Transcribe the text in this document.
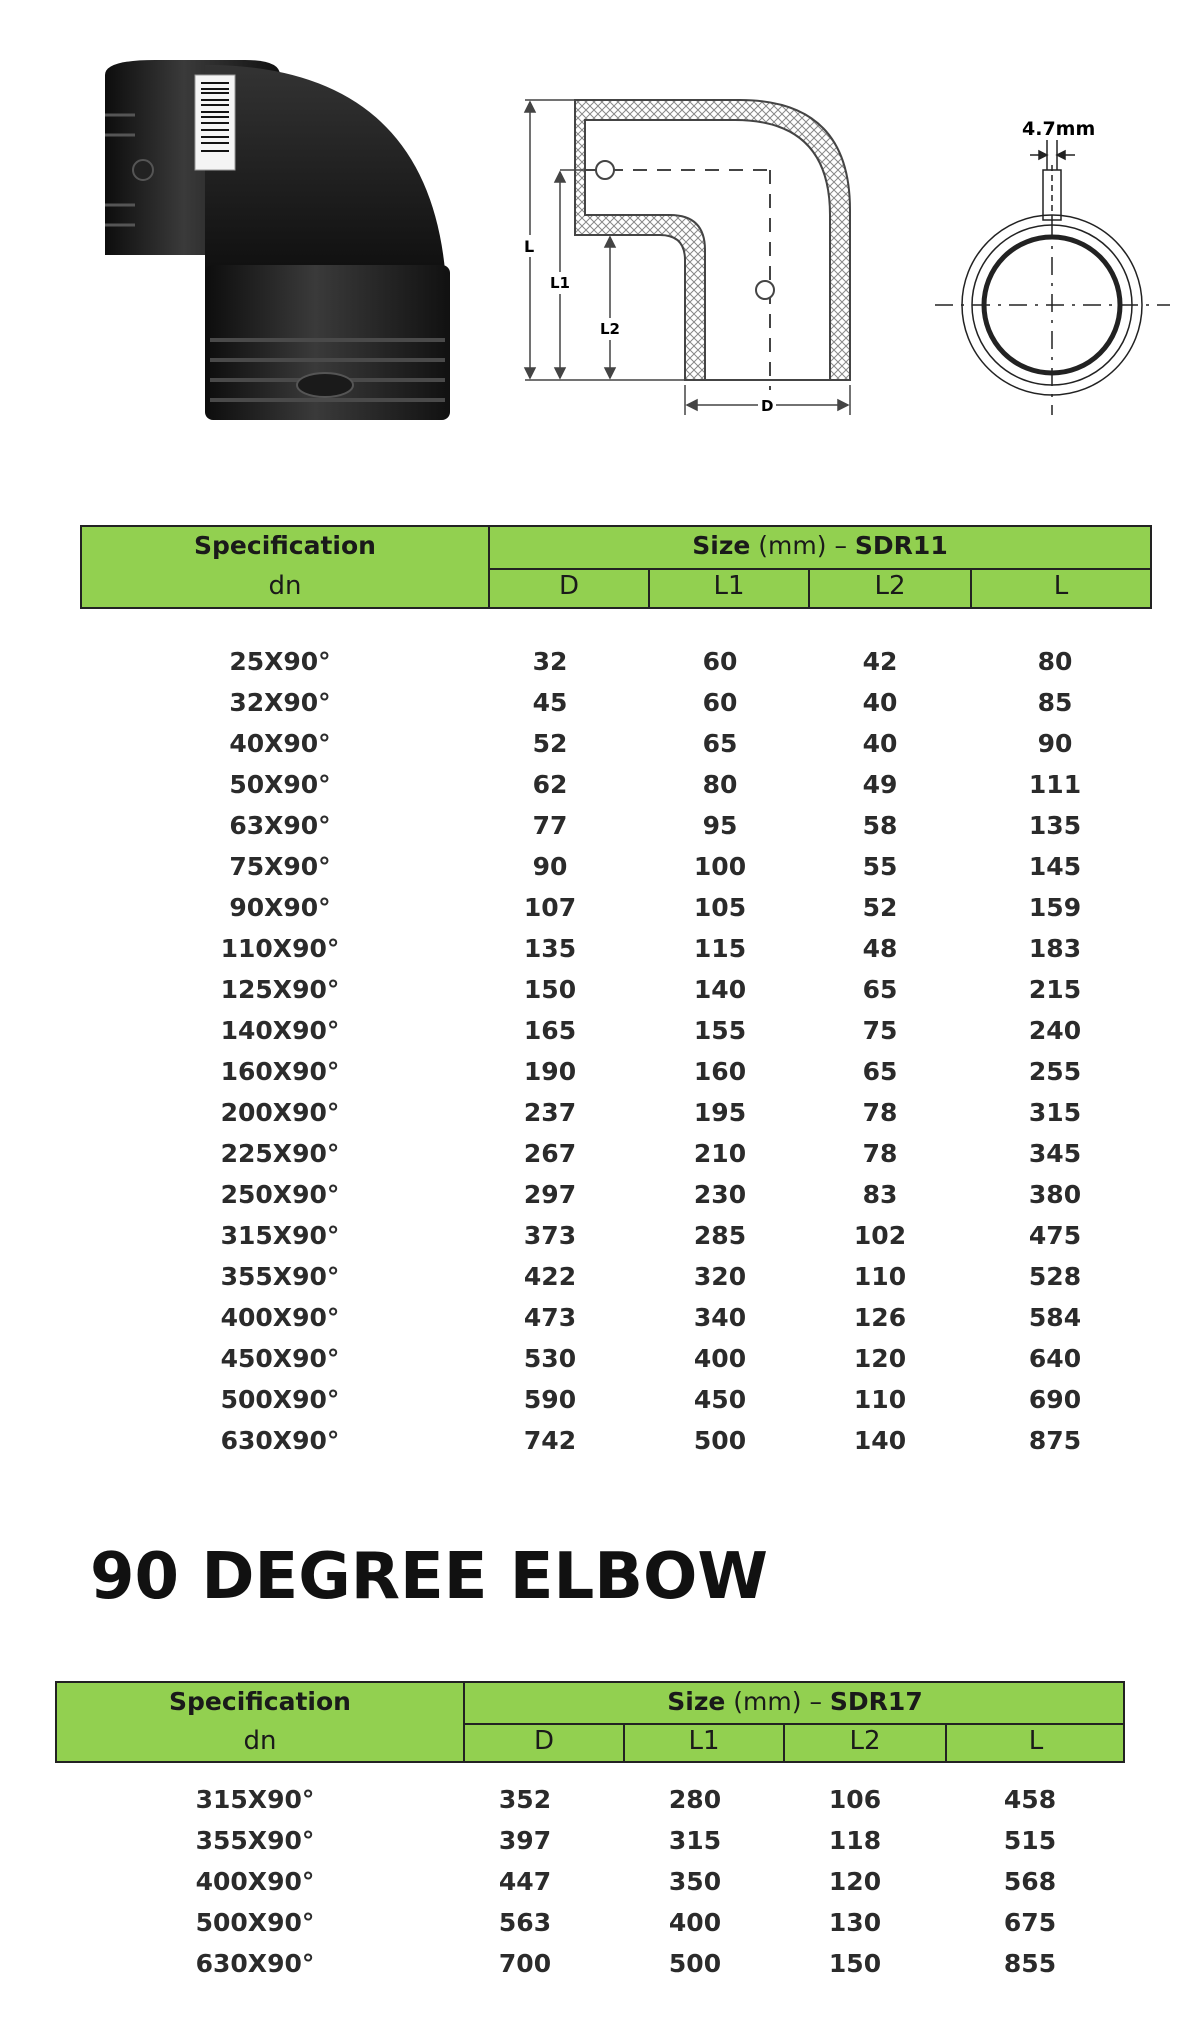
L
L1
L2
D
4.7mm
Specification
dn
Size (mm) – SDR11
D	L1	L2	L
25X90°	32	60	42	80
32X90°	45	60	40	85
40X90°	52	65	40	90
50X90°	62	80	49	111
63X90°	77	95	58	135
75X90°	90	100	55	145
90X90°	107	105	52	159
110X90°	135	115	48	183
125X90°	150	140	65	215
140X90°	165	155	75	240
160X90°	190	160	65	255
200X90°	237	195	78	315
225X90°	267	210	78	345
250X90°	297	230	83	380
315X90°	373	285	102	475
355X90°	422	320	110	528
400X90°	473	340	126	584
450X90°	530	400	120	640
500X90°	590	450	110	690
630X90°	742	500	140	875
90 DEGREE ELBOW
Specification
dn
Size (mm) – SDR17
D	L1	L2	L
315X90°	352	280	106	458
355X90°	397	315	118	515
400X90°	447	350	120	568
500X90°	563	400	130	675
630X90°	700	500	150	855
